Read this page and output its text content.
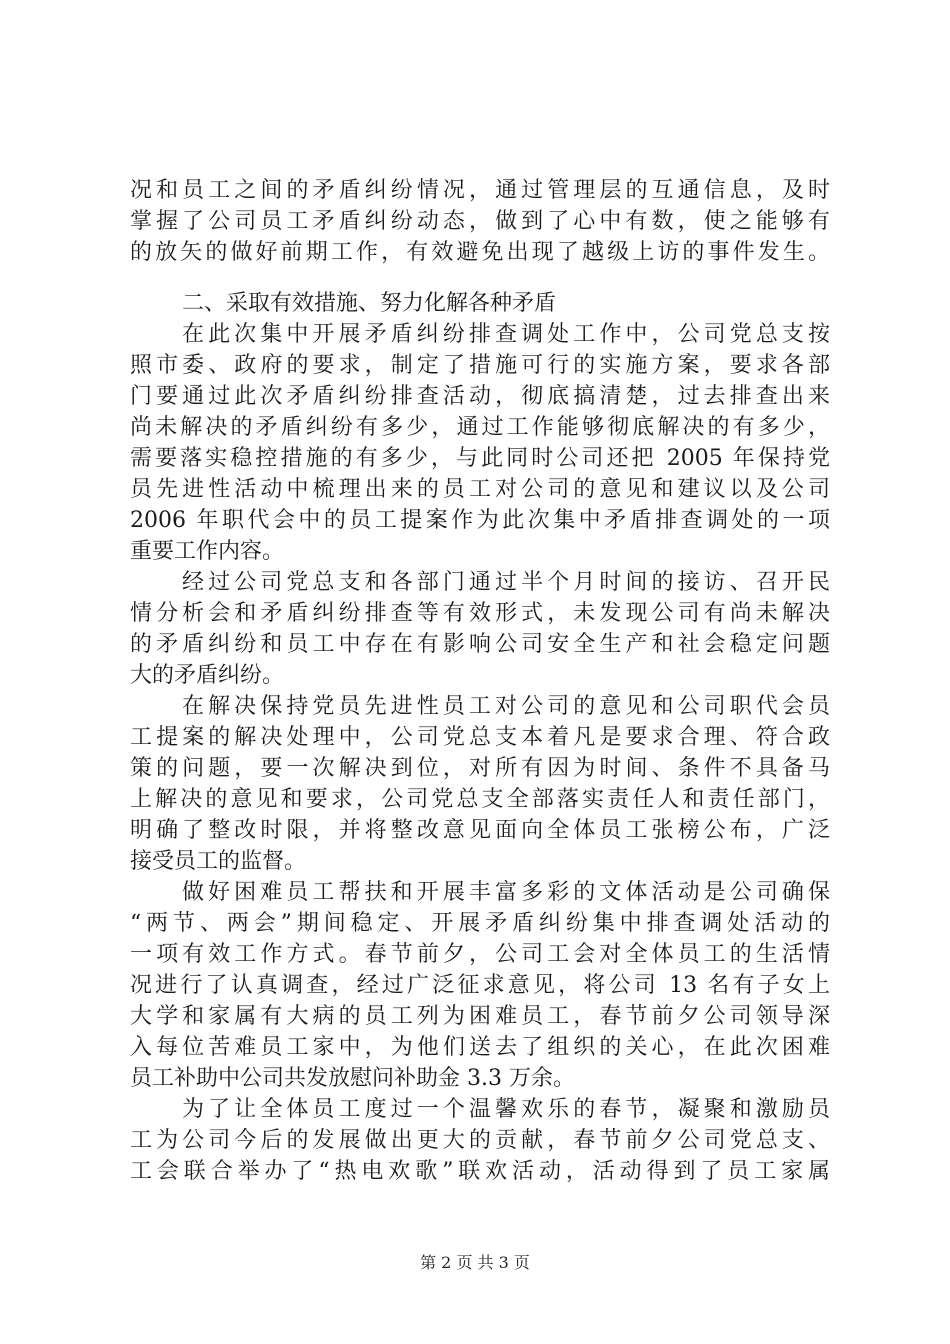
况和员工之间的矛盾纠纷情况，通过管理层的互通信息，及时
掌握了公司员工矛盾纠纷动态，做到了心中有数，使之能够有
的放矢的做好前期工作，有效避免出现了越级上访的事件发生。
二、采取有效措施、努力化解各种矛盾
在此次集中开展矛盾纠纷排查调处工作中，公司党总支按
照市委、政府的要求，制定了措施可行的实施方案，要求各部
门要通过此次矛盾纠纷排查活动，彻底搞清楚，过去排查出来
尚未解决的矛盾纠纷有多少，通过工作能够彻底解决的有多少，
需要落实稳控措施的有多少，与此同时公司还把 2005 年保持党
员先进性活动中梳理出来的员工对公司的意见和建议以及公司
2006 年职代会中的员工提案作为此次集中矛盾排查调处的一项
重要工作内容。
经过公司党总支和各部门通过半个月时间的接访、召开民
情分析会和矛盾纠纷排查等有效形式，未发现公司有尚未解决
的矛盾纠纷和员工中存在有影响公司安全生产和社会稳定问题
大的矛盾纠纷。
在解决保持党员先进性员工对公司的意见和公司职代会员
工提案的解决处理中，公司党总支本着凡是要求合理、符合政
策的问题，要一次解决到位，对所有因为时间、条件不具备马
上解决的意见和要求，公司党总支全部落实责任人和责任部门，
明确了整改时限，并将整改意见面向全体员工张榜公布，广泛
接受员工的监督。
做好困难员工帮扶和开展丰富多彩的文体活动是公司确保
“两节、两会”期间稳定、开展矛盾纠纷集中排查调处活动的
一项有效工作方式。春节前夕，公司工会对全体员工的生活情
况进行了认真调查，经过广泛征求意见，将公司 13 名有子女上
大学和家属有大病的员工列为困难员工，春节前夕公司领导深
入每位苦难员工家中，为他们送去了组织的关心，在此次困难
员工补助中公司共发放慰问补助金 3.3 万余。
为了让全体员工度过一个温馨欢乐的春节，凝聚和激励员
工为公司今后的发展做出更大的贡献，春节前夕公司党总支、
工会联合举办了“热电欢歌”联欢活动，活动得到了员工家属
第 2 页 共 3 页
